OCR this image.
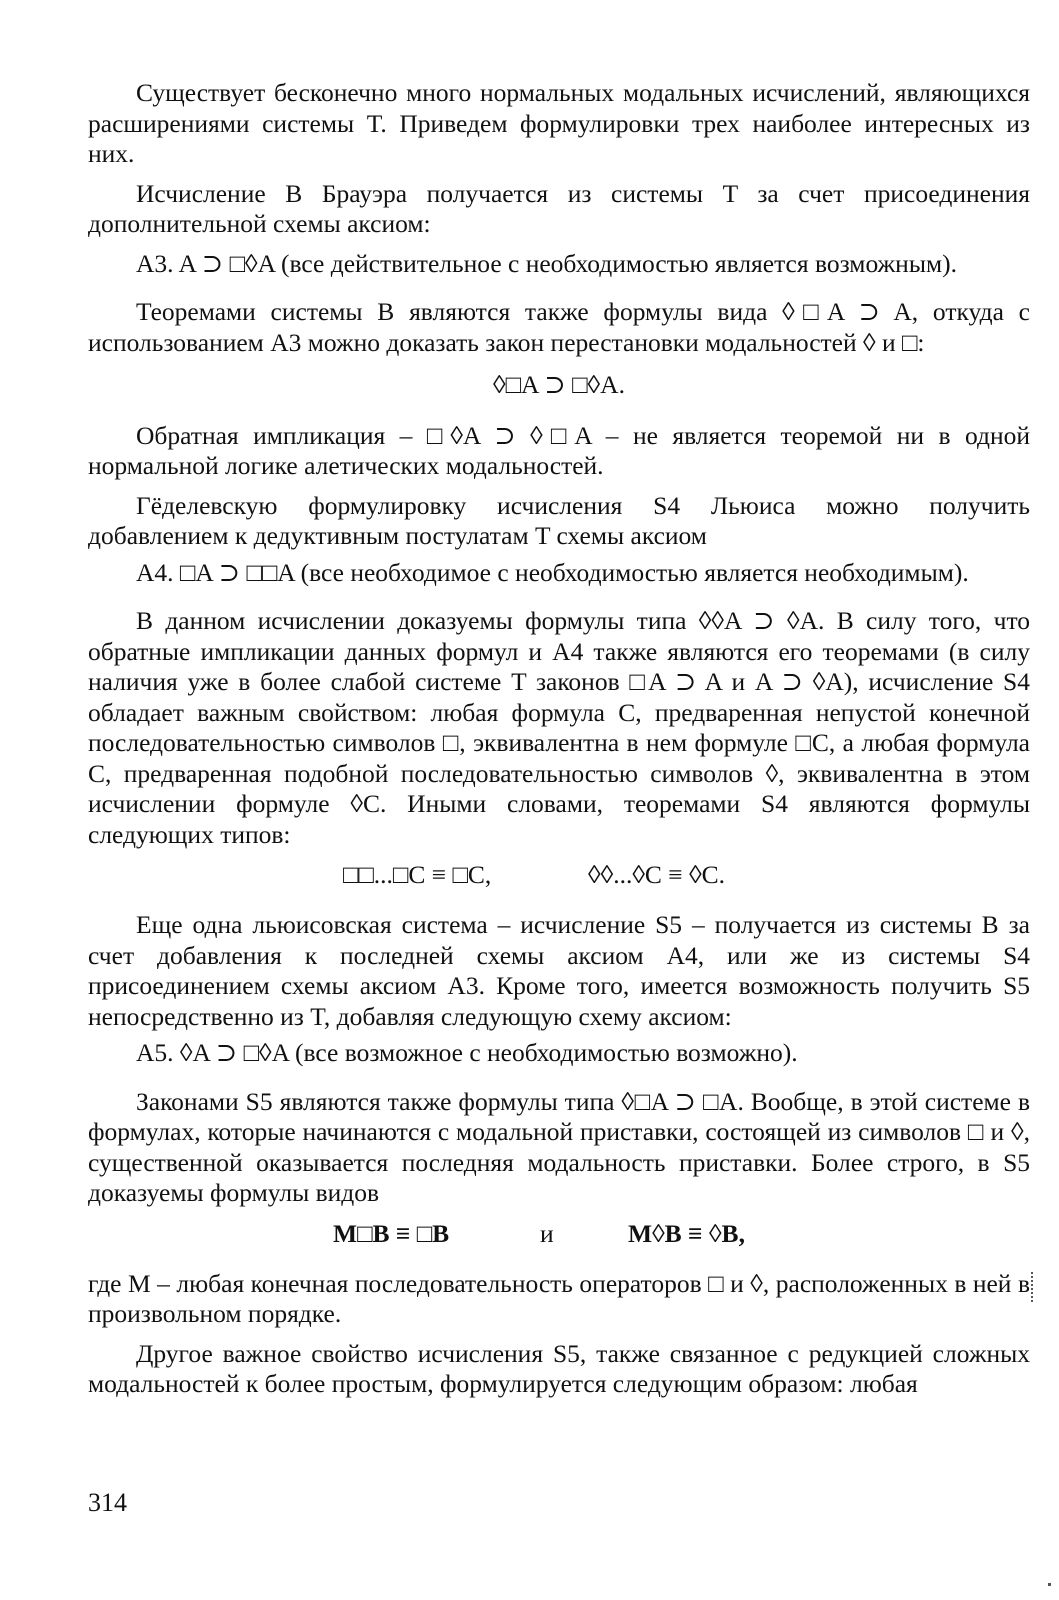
Существует бесконечно много нормальных модальных исчислений, являющихся расширениями системы T. Приведем формулировки трех наиболее интересных из них.

Исчисление B Брауэра получается из системы T за счет присоединения дополнительной схемы аксиом:

A3. A ⊃ □◊A (все действительное с необходимостью является возможным).

Теоремами системы B являются также формулы вида ◊□A ⊃ A, откуда с использованием A3 можно доказать закон перестановки модальностей ◊ и □:

◊□A ⊃ □◊A.

Обратная импликация – □◊A ⊃ ◊□A – не является теоремой ни в одной нормальной логике алетических модальностей.

Гёделевскую формулировку исчисления S4 Льюиса можно получить добавлением к дедуктивным постулатам T схемы аксиом

A4. □A ⊃ □□A (все необходимое с необходимостью является необходимым).

В данном исчислении доказуемы формулы типа ◊◊A ⊃ ◊A. В силу того, что обратные импликации данных формул и A4 также являются его теоремами (в силу наличия уже в более слабой системе T законов □A ⊃ A и A ⊃ ◊A), исчисление S4 обладает важным свойством: любая формула C, предваренная непустой конечной последовательностью символов □, эквивалентна в нем формуле □C, а любая формула C, предваренная подобной последовательностью символов ◊, эквивалентна в этом исчислении формуле ◊C. Иными словами, теоремами S4 являются формулы следующих типов:

□□...□C ≡ □C,	◊◊...◊C ≡ ◊C.

Еще одна льюисовская система – исчисление S5 – получается из системы B за счет добавления к последней схемы аксиом A4, или же из системы S4 присоединением схемы аксиом A3. Кроме того, имеется возможность получить S5 непосредственно из T, добавляя следующую схему аксиом:

A5. ◊A ⊃ □◊A (все возможное с необходимостью возможно).

Законами S5 являются также формулы типа ◊□A ⊃ □A. Вообще, в этой системе в формулах, которые начинаются с модальной приставки, состоящей из символов □ и ◊, существенной оказывается последняя модальность приставки. Более строго, в S5 доказуемы формулы видов

M□B ≡ □B	и	M◊B ≡ ◊B,

где M – любая конечная последовательность операторов □ и ◊, расположенных в ней в произвольном порядке.

Другое важное свойство исчисления S5, также связанное с редукцией сложных модальностей к более простым, формулируется следующим образом: любая

314
